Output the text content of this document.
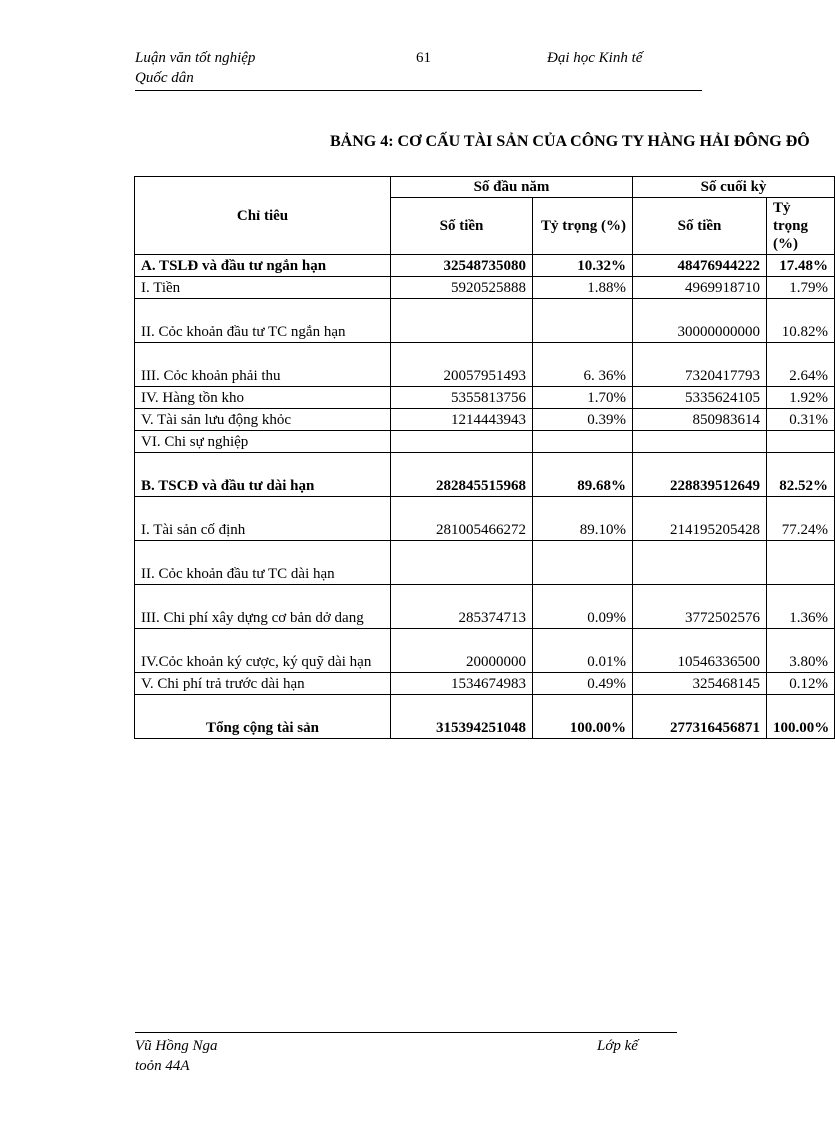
Luận văn tốt nghiệp
Quốc dân
61	Đại học Kinh tế
BẢNG 4: CƠ CẤU TÀI SẢN CỦA CÔNG TY HÀNG HẢI ĐÔNG ĐÔ
Chỉ tiêu	Số đầu năm		Số cuối kỳ	
	Số tiền	Tỷ trọng (%)	Số tiền	Tỷ trọng (%)
A. TSLĐ và đầu tư ngắn hạn	32548735080	10.32%	48476944222	17.48%
I. Tiền	5920525888	1.88%	4969918710	1.79%
II. Cỏc khoản đầu tư TC ngắn hạn			30000000000	10.82%
III. Cỏc khoản phải thu	20057951493	6. 36%	7320417793	2.64%
IV. Hàng tồn kho	5355813756	1.70%	5335624105	1.92%
V. Tài sản lưu động khỏc	1214443943	0.39%	850983614	0.31%
VI. Chi sự nghiệp				
B. TSCĐ và đầu tư dài hạn	282845515968	89.68%	228839512649	82.52%
I. Tài sản cố định	281005466272	89.10%	214195205428	77.24%
II. Cỏc khoản đầu tư TC dài hạn				
III. Chi phí xây dựng cơ bản dở dang	285374713	0.09%	3772502576	1.36%
IV.Cỏc khoản ký cược, ký quỹ dài hạn	20000000	0.01%	10546336500	3.80%
V. Chi phí trả trước dài hạn	1534674983	0.49%	325468145	0.12%
Tổng cộng tài sản	315394251048	100.00%	277316456871	100.00%
Vũ Hồng Nga
toỏn 44A
Lớp kế
